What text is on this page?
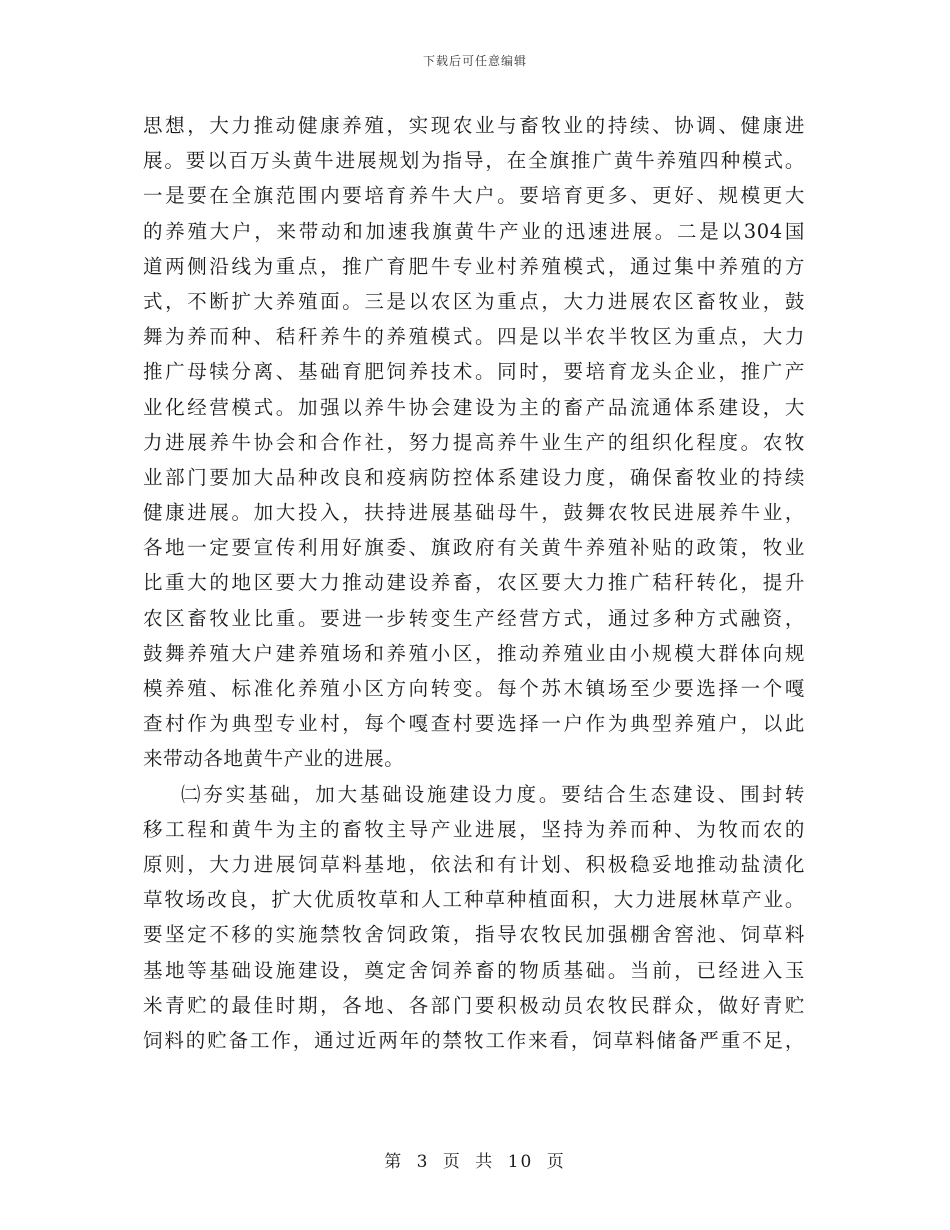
下载后可任意编辑
思想，大力推动健康养殖，实现农业与畜牧业的持续、协调、健康进
展。要以百万头黄牛进展规划为指导，在全旗推广黄牛养殖四种模式。
一是要在全旗范围内要培育养牛大户。要培育更多、更好、规模更大
的养殖大户，来带动和加速我旗黄牛产业的迅速进展。二是以304国
道两侧沿线为重点，推广育肥牛专业村养殖模式，通过集中养殖的方
式，不断扩大养殖面。三是以农区为重点，大力进展农区畜牧业，鼓
舞为养而种、秸秆养牛的养殖模式。四是以半农半牧区为重点，大力
推广母犊分离、基础育肥饲养技术。同时，要培育龙头企业，推广产
业化经营模式。加强以养牛协会建设为主的畜产品流通体系建设，大
力进展养牛协会和合作社，努力提高养牛业生产的组织化程度。农牧
业部门要加大品种改良和疫病防控体系建设力度，确保畜牧业的持续
健康进展。加大投入，扶持进展基础母牛，鼓舞农牧民进展养牛业，
各地一定要宣传利用好旗委、旗政府有关黄牛养殖补贴的政策，牧业
比重大的地区要大力推动建设养畜，农区要大力推广秸秆转化，提升
农区畜牧业比重。要进一步转变生产经营方式，通过多种方式融资，
鼓舞养殖大户建养殖场和养殖小区，推动养殖业由小规模大群体向规
模养殖、标准化养殖小区方向转变。每个苏木镇场至少要选择一个嘎
查村作为典型专业村，每个嘎查村要选择一户作为典型养殖户，以此
来带动各地黄牛产业的进展。
㈡夯实基础，加大基础设施建设力度。要结合生态建设、围封转
移工程和黄牛为主的畜牧主导产业进展，坚持为养而种、为牧而农的
原则，大力进展饲草料基地，依法和有计划、积极稳妥地推动盐渍化
草牧场改良，扩大优质牧草和人工种草种植面积，大力进展林草产业。
要坚定不移的实施禁牧舍饲政策，指导农牧民加强棚舍窖池、饲草料
基地等基础设施建设，奠定舍饲养畜的物质基础。当前，已经进入玉
米青贮的最佳时期，各地、各部门要积极动员农牧民群众，做好青贮
饲料的贮备工作，通过近两年的禁牧工作来看，饲草料储备严重不足，
第 3 页 共 10 页
